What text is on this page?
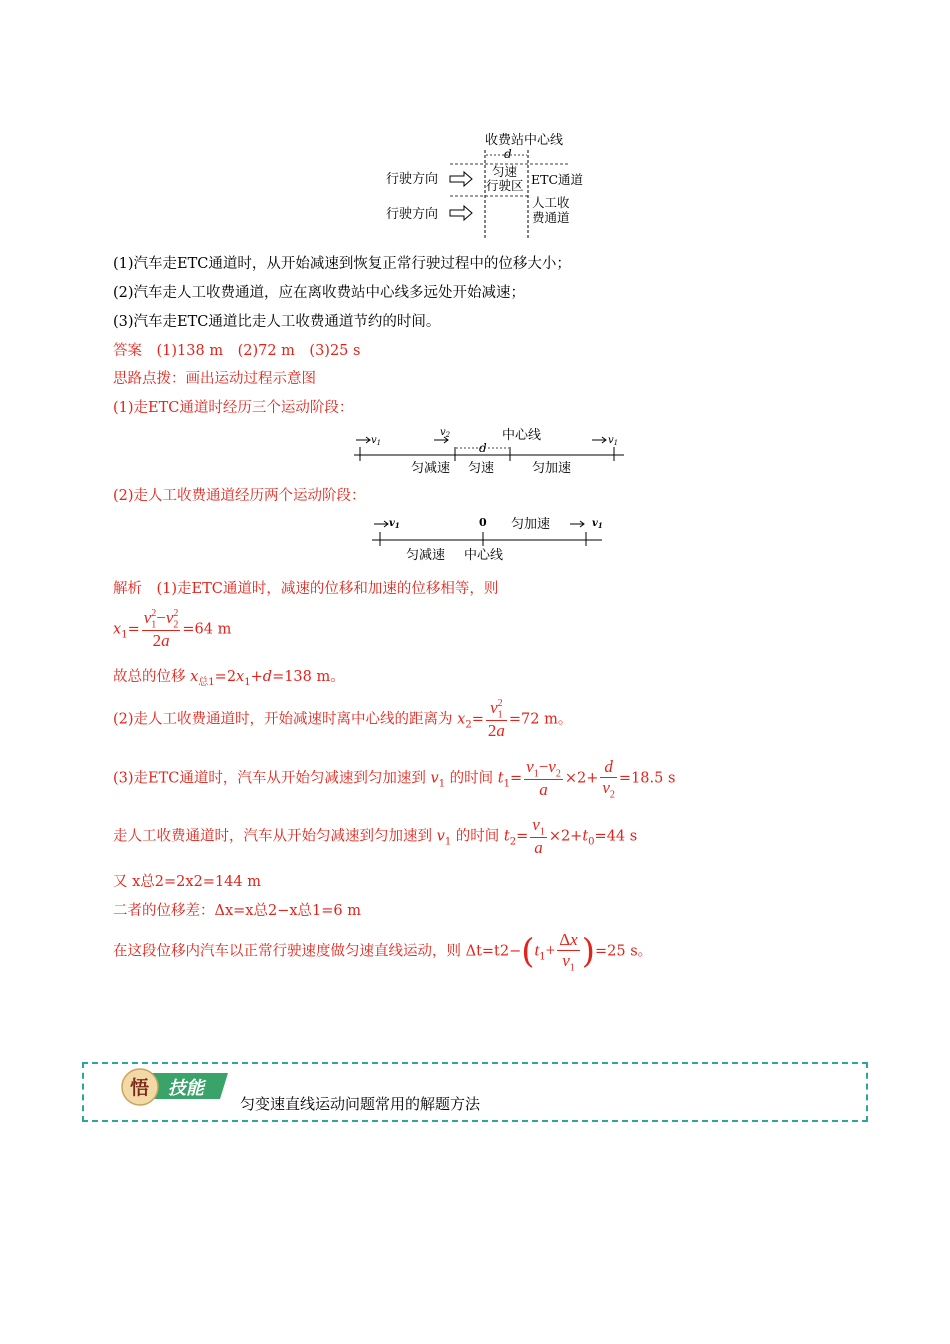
收费站中心线
d
行驶方向
匀速
行驶区 ETC通道
行驶方向
人工收
费通道
(1)汽车走ETC通道时，从开始减速到恢复正常行驶过程中的位移大小；
(2)汽车走人工收费通道，应在离收费站中心线多远处开始减速；
(3)汽车走ETC通道比走人工收费通道节约的时间。
答案　(1)138 m　(2)72 m　(3)25 s
思路点拨：画出运动过程示意图
(1)走ETC通道时经历三个运动阶段：
$v_1$
$v_2$
d
中心线	$v_1$
匀减速 匀速	匀加速
(2)走人工收费通道经历两个运动阶段：
$v_1$	0 匀加速	$v_1$
匀减速 中心线
解析　(1)走ETC通道时，减速的位移和加速的位移相等，则
$x_1= \frac{v_1^2-v_2^2}{2a} =64$ m
故总的位移 $x_{总1}=2x_1+d=138$ m。
(2)走人工收费通道时，开始减速时离中心线的距离为 $x_2= \frac{v_1^2}{2a} =72$ m。
(3)走ETC通道时，汽车从开始匀减速到匀加速到 $v_1$ 的时间 $t_1= \frac{v_1-v_2}{a} \times 2+ \frac{d}{v_2} =18.5$ s
走人工收费通道时，汽车从开始匀减速到匀加速到 $v_1$ 的时间 $t_2= \frac{v_1}{a} \times 2+t_0=44$ s
又 x总2=2x2=144 m
二者的位移差：Δx=x总2−x总1=6 m
在这段位移内汽车以正常行驶速度做匀速直线运动，则 $\Delta t=t2-(t_1+ \frac{\Delta x}{v_1} )=25$ s。
悟 技能
匀变速直线运动问题常用的解题方法
